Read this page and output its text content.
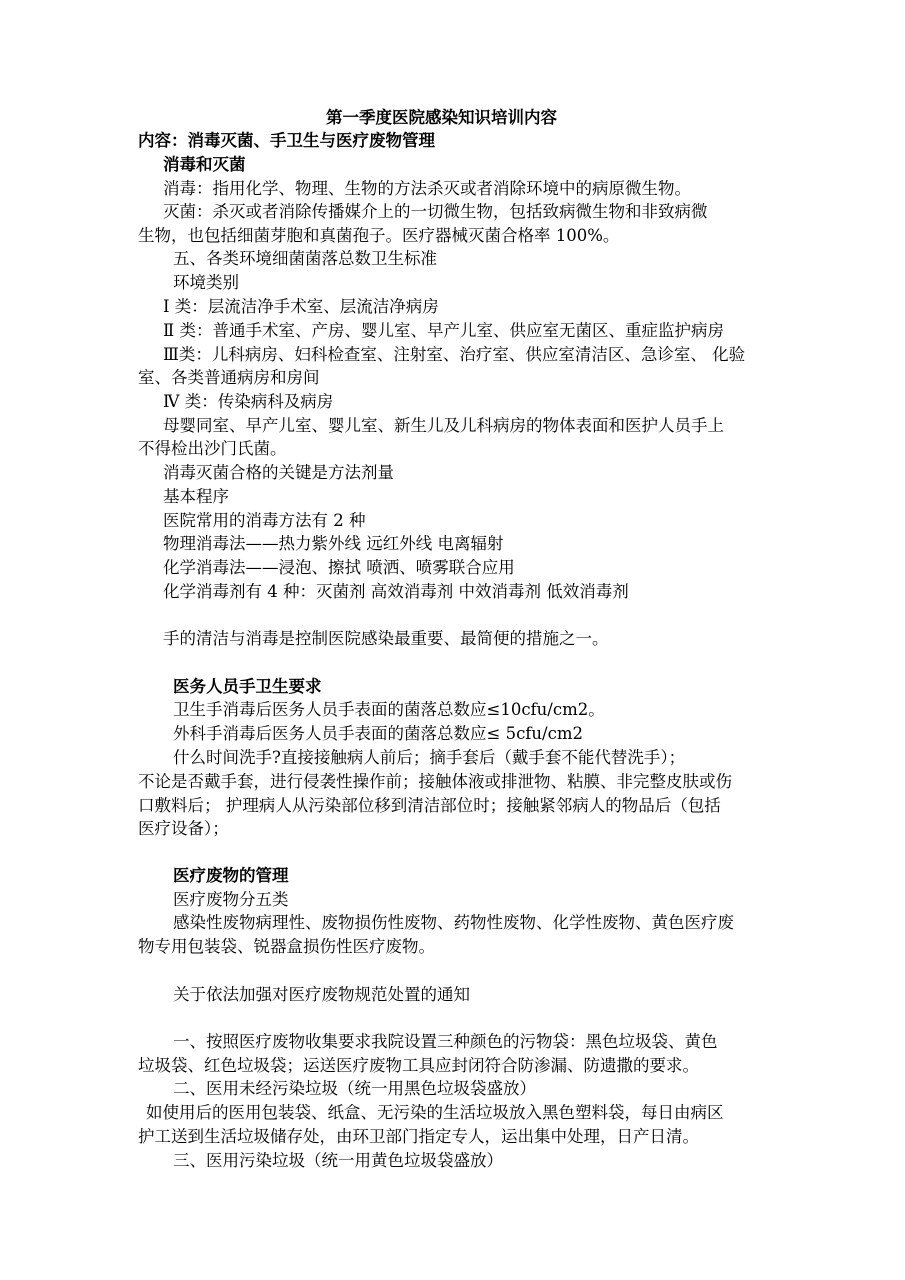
第一季度医院感染知识培训内容
内容：消毒灭菌、手卫生与医疗废物管理
消毒和灭菌
消毒：指用化学、物理、生物的方法杀灭或者消除环境中的病原微生物。
灭菌：杀灭或者消除传播媒介上的一切微生物，包括致病微生物和非致病微
生物，也包括细菌芽胞和真菌孢子。医疗器械灭菌合格率 100%。
五、各类环境细菌菌落总数卫生标准
环境类别
Ⅰ 类：层流洁净手术室、层流洁净病房
Ⅱ 类：普通手术室、产房、婴儿室、早产儿室、供应室无菌区、重症监护病房
Ⅲ类：儿科病房、妇科检查室、注射室、治疗室、供应室清洁区、急诊室、 化验
室、各类普通病房和房间
Ⅳ 类：传染病科及病房
母婴同室、早产儿室、婴儿室、新生儿及儿科病房的物体表面和医护人员手上
不得检出沙门氏菌。
消毒灭菌合格的关键是方法剂量
基本程序
医院常用的消毒方法有 2 种
物理消毒法——热力紫外线 远红外线 电离辐射
化学消毒法——浸泡、擦拭 喷洒、喷雾联合应用
化学消毒剂有 4 种：灭菌剂 高效消毒剂 中效消毒剂 低效消毒剂
手的清洁与消毒是控制医院感染最重要、最简便的措施之一。
医务人员手卫生要求
卫生手消毒后医务人员手表面的菌落总数应≤10cfu/cm2。
外科手消毒后医务人员手表面的菌落总数应≤ 5cfu/cm2
什么时间洗手?直接接触病人前后；摘手套后（戴手套不能代替洗手）；
不论是否戴手套，进行侵袭性操作前；接触体液或排泄物、粘膜、非完整皮肤或伤
口敷料后； 护理病人从污染部位移到清洁部位时；接触紧邻病人的物品后（包括
医疗设备）；
医疗废物的管理
医疗废物分五类
感染性废物病理性、废物损伤性废物、药物性废物、化学性废物、黄色医疗废
物专用包装袋、锐器盒损伤性医疗废物。
关于依法加强对医疗废物规范处置的通知
一、按照医疗废物收集要求我院设置三种颜色的污物袋：黑色垃圾袋、黄色
垃圾袋、红色垃圾袋；运送医疗废物工具应封闭符合防渗漏、防遗撒的要求。
二、医用未经污染垃圾（统一用黑色垃圾袋盛放）
如使用后的医用包装袋、纸盒、无污染的生活垃圾放入黑色塑料袋，每日由病区
护工送到生活垃圾储存处，由环卫部门指定专人，运出集中处理，日产日清。
三、医用污染垃圾（统一用黄色垃圾袋盛放）
